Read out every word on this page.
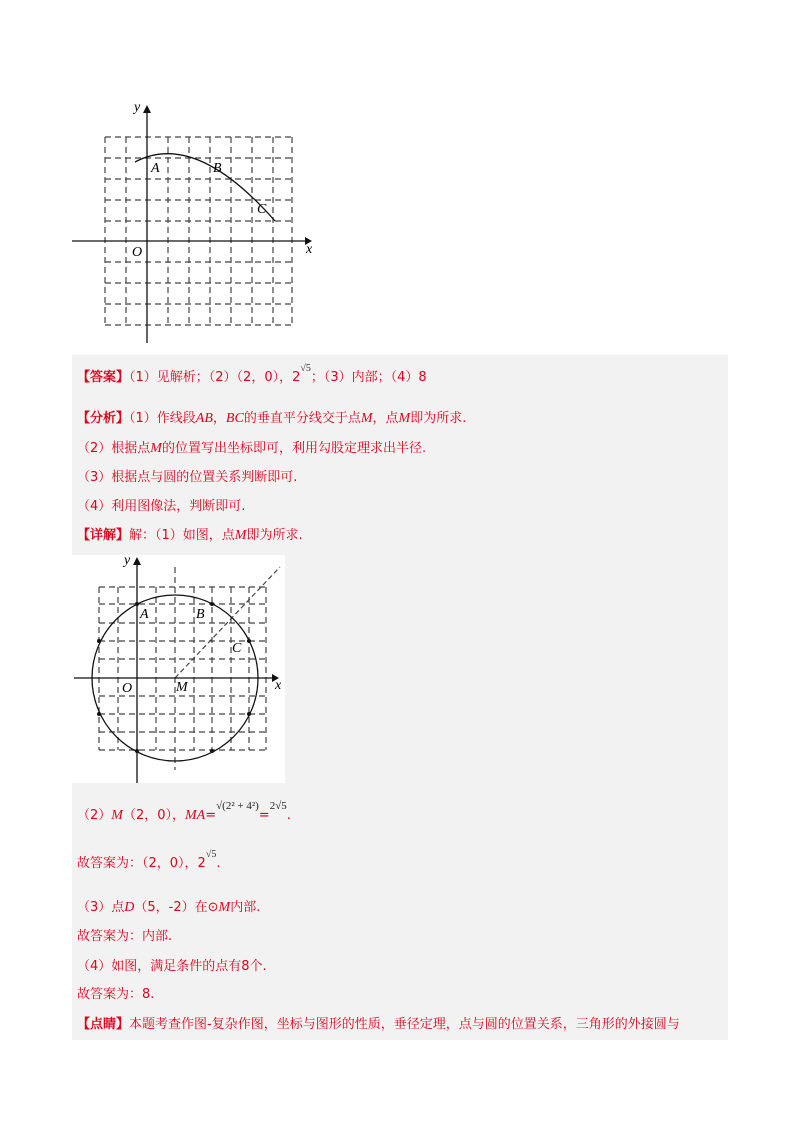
y
x
O
A	B
C
【答案】（1）见解析；（2）（2，0），$2^{√5}$；（3）内部；（4）8
【分析】（1）作线段AB，BC的垂直平分线交于点M，点M即为所求.
（2）根据点M的位置写出坐标即可，利用勾股定理求出半径.
（3）根据点与圆的位置关系判断即可.
（4）利用图像法，判断即可.
【详解】解：（1）如图，点M即为所求.
y
x
O
A	B
C
M
（2）M（2，0），MA=$^{√(2^2 + 4^2)}$=$^{2√5}$.
故答案为：（2，0），$2^{√5}$.
（3）点D（5，-2）在⊙M内部.
故答案为：内部.
（4）如图，满足条件的点有8个.
故答案为：8.
【点睛】本题考查作图-复杂作图，坐标与图形的性质，垂径定理，点与圆的位置关系，三角形的外接圆与
